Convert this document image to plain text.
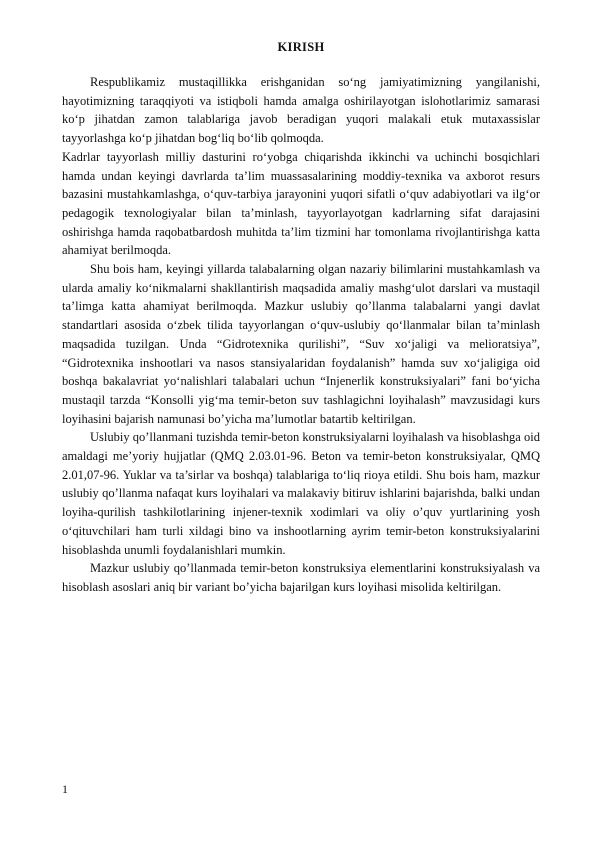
KIRISH

Respublikamiz mustaqillikka erishganidan so‘ng jamiyatimizning yangilanishi, hayotimizning taraqqiyoti va istiqboli hamda amalga oshirilayotgan islohotlarimiz samarasi ko‘p jihatdan zamon talablariga javob beradigan yuqori malakali etuk mutaxassislar tayyorlashga ko‘p jihatdan bog‘liq bo‘lib qolmoqda.

Kadrlar tayyorlash milliy dasturini ro‘yobga chiqarishda ikkinchi va uchinchi bosqichlari hamda undan keyingi davrlarda ta’lim muassasalarining moddiy-texnika va axborot resurs bazasini mustahkamlashga, o‘quv-tarbiya jarayonini yuqori sifatli o‘quv adabiyotlari va ilg‘or pedagogik texnologiyalar bilan ta’minlash, tayyorlayotgan kadrlarning sifat darajasini oshirishga hamda raqobatbardosh muhitda ta’lim tizmini har tomonlama rivojlantirishga katta ahamiyat berilmoqda.

Shu bois ham, keyingi yillarda talabalarning olgan nazariy bilimlarini mustahkamlash va ularda amaliy ko‘nikmalarni shakllantirish maqsadida amaliy mashg‘ulot darslari va mustaqil ta’limga katta ahamiyat berilmoqda. Mazkur uslubiy qo’llanma talabalarni yangi davlat standartlari asosida o‘zbek tilida tayyorlangan o‘quv-uslubiy qo‘llanmalar bilan ta’minlash maqsadida tuzilgan. Unda “Gidrotexnika qurilishi”, “Suv xo‘jaligi va melioratsiya”, “Gidrotexnika inshootlari va nasos stansiyalaridan foydalanish” hamda suv xo‘jaligiga oid boshqa bakalavriat yo‘nalishlari talabalari uchun “Injenerlik konstruksiyalari” fani bo‘yicha mustaqil tarzda “Konsolli yig‘ma temir-beton suv tashlagichni loyihalash” mavzusidagi kurs loyihasini bajarish namunasi bo’yicha ma’lumotlar batartib keltirilgan.

Uslubiy qo’llanmani tuzishda temir-beton konstruksiyalarni loyihalash va hisoblashga oid amaldagi me’yoriy hujjatlar (QMQ 2.03.01-96. Beton va temir-beton konstruksiyalar, QMQ 2.01,07-96. Yuklar va ta’sirlar va boshqa) talablariga to‘liq rioya etildi. Shu bois ham, mazkur uslubiy qo’llanma nafaqat kurs loyihalari va malakaviy bitiruv ishlarini bajarishda, balki undan loyiha-qurilish tashkilotlarining injener-texnik xodimlari va oliy o’quv yurtlarining yosh o‘qituvchilari ham turli xildagi bino va inshootlarning ayrim temir-beton konstruksiyalarini hisoblashda unumli foydalanishlari mumkin.

Mazkur uslubiy qo’llanmada temir-beton konstruksiya elementlarini konstruksiyalash va hisoblash asoslari aniq bir variant bo’yicha bajarilgan kurs loyihasi misolida keltirilgan.

1
